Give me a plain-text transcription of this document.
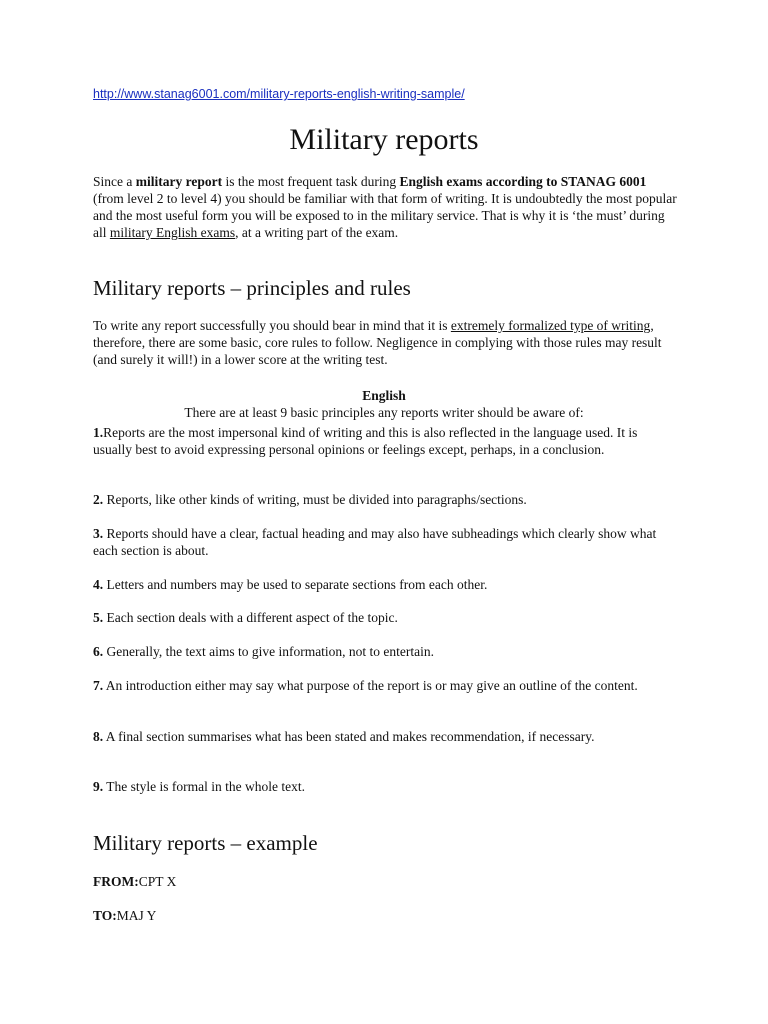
http://www.stanag6001.com/military-reports-english-writing-sample/
Military reports
Since a military report is the most frequent task during English exams according to STANAG 6001 (from level 2 to level 4) you should be familiar with that form of writing. It is undoubtedly the most popular and the most useful form you will be exposed to in the military service. That is why it is ‘the must’ during all military English exams, at a writing part of the exam.
Military reports – principles and rules
To write any report successfully you should bear in mind that it is extremely formalized type of writing, therefore, there are some basic, core rules to follow. Negligence in complying with those rules may result (and surely it will!) in a lower score at the writing test.
English
There are at least 9 basic principles any reports writer should be aware of:
1.Reports are the most impersonal kind of writing and this is also reflected in the language used. It is usually best to avoid expressing personal opinions or feelings except, perhaps, in a conclusion.
2. Reports, like other kinds of writing, must be divided into paragraphs/sections.
3. Reports should have a clear, factual heading and may also have subheadings which clearly show what each section is about.
4. Letters and numbers may be used to separate sections from each other.
5. Each section deals with a different aspect of the topic.
6. Generally, the text aims to give information, not to entertain.
7. An introduction either may say what purpose of the report is or may give an outline of the content.
8. A final section summarises what has been stated and makes recommendation, if necessary.
9. The style is formal in the whole text.
Military reports – example
FROM:CPT X
TO:MAJ Y
